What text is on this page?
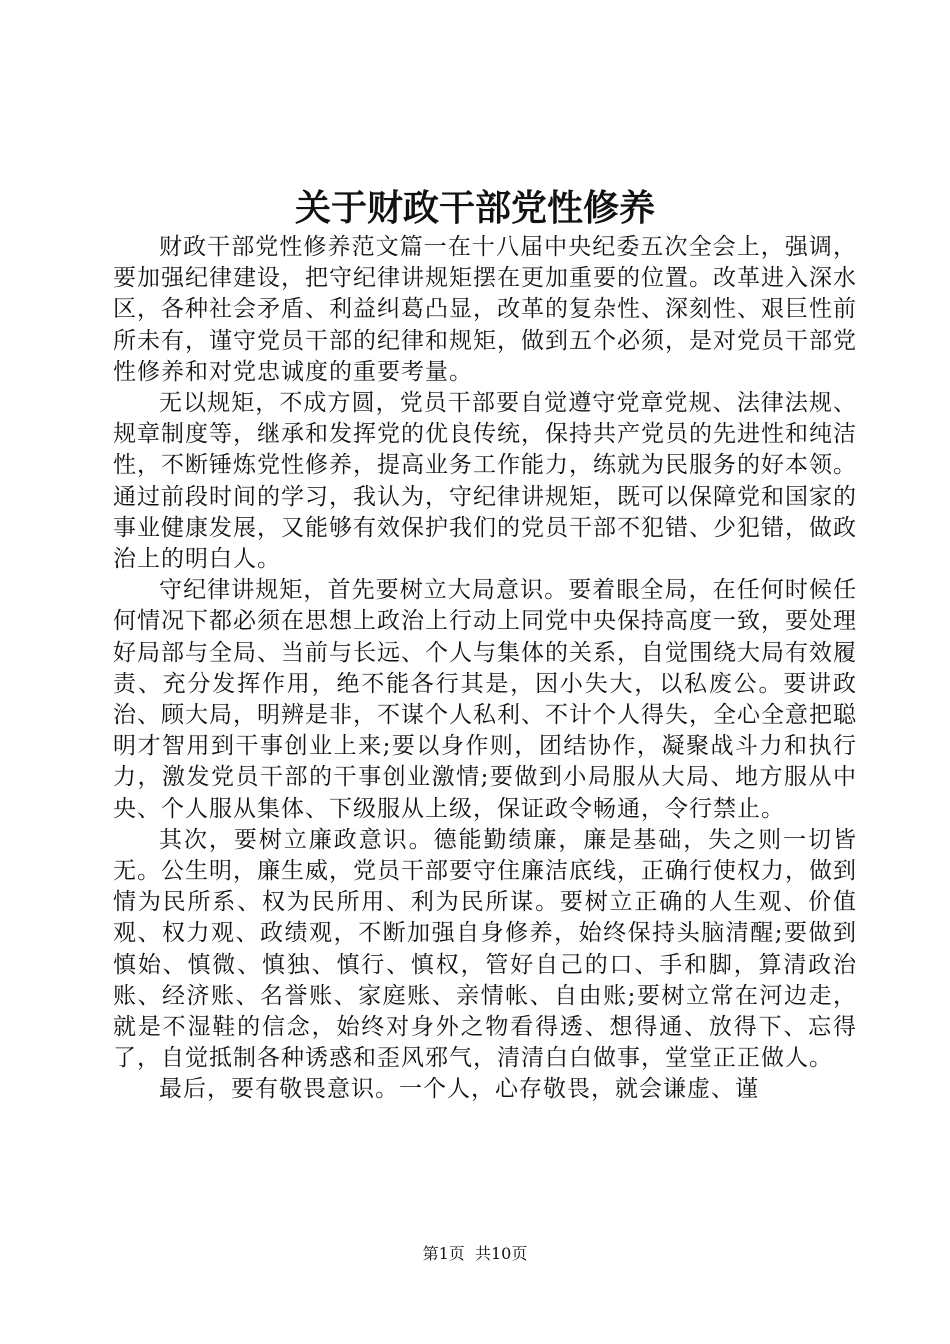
关于财政干部党性修养

财政干部党性修养范文篇一在十八届中央纪委五次全会上，强调，要加强纪律建设，把守纪律讲规矩摆在更加重要的位置。改革进入深水区，各种社会矛盾、利益纠葛凸显，改革的复杂性、深刻性、艰巨性前所未有，谨守党员干部的纪律和规矩，做到五个必须，是对党员干部党性修养和对党忠诚度的重要考量。

无以规矩，不成方圆，党员干部要自觉遵守党章党规、法律法规、规章制度等，继承和发挥党的优良传统，保持共产党员的先进性和纯洁性，不断锤炼党性修养，提高业务工作能力，练就为民服务的好本领。通过前段时间的学习，我认为，守纪律讲规矩，既可以保障党和国家的事业健康发展，又能够有效保护我们的党员干部不犯错、少犯错，做政治上的明白人。

守纪律讲规矩，首先要树立大局意识。要着眼全局，在任何时候任何情况下都必须在思想上政治上行动上同党中央保持高度一致，要处理好局部与全局、当前与长远、个人与集体的关系，自觉围绕大局有效履责、充分发挥作用，绝不能各行其是，因小失大，以私废公。要讲政治、顾大局，明辨是非，不谋个人私利、不计个人得失，全心全意把聪明才智用到干事创业上来;要以身作则，团结协作，凝聚战斗力和执行力，激发党员干部的干事创业激情;要做到小局服从大局、地方服从中央、个人服从集体、下级服从上级，保证政令畅通，令行禁止。

其次，要树立廉政意识。德能勤绩廉，廉是基础，失之则一切皆无。公生明，廉生威，党员干部要守住廉洁底线，正确行使权力，做到情为民所系、权为民所用、利为民所谋。要树立正确的人生观、价值观、权力观、政绩观，不断加强自身修养，始终保持头脑清醒;要做到慎始、慎微、慎独、慎行、慎权，管好自己的口、手和脚，算清政治账、经济账、名誉账、家庭账、亲情帐、自由账;要树立常在河边走，就是不湿鞋的信念，始终对身外之物看得透、想得通、放得下、忘得了，自觉抵制各种诱惑和歪风邪气，清清白白做事，堂堂正正做人。

最后，要有敬畏意识。一个人，心存敬畏，就会谦虚、谨

第1页 共10页
